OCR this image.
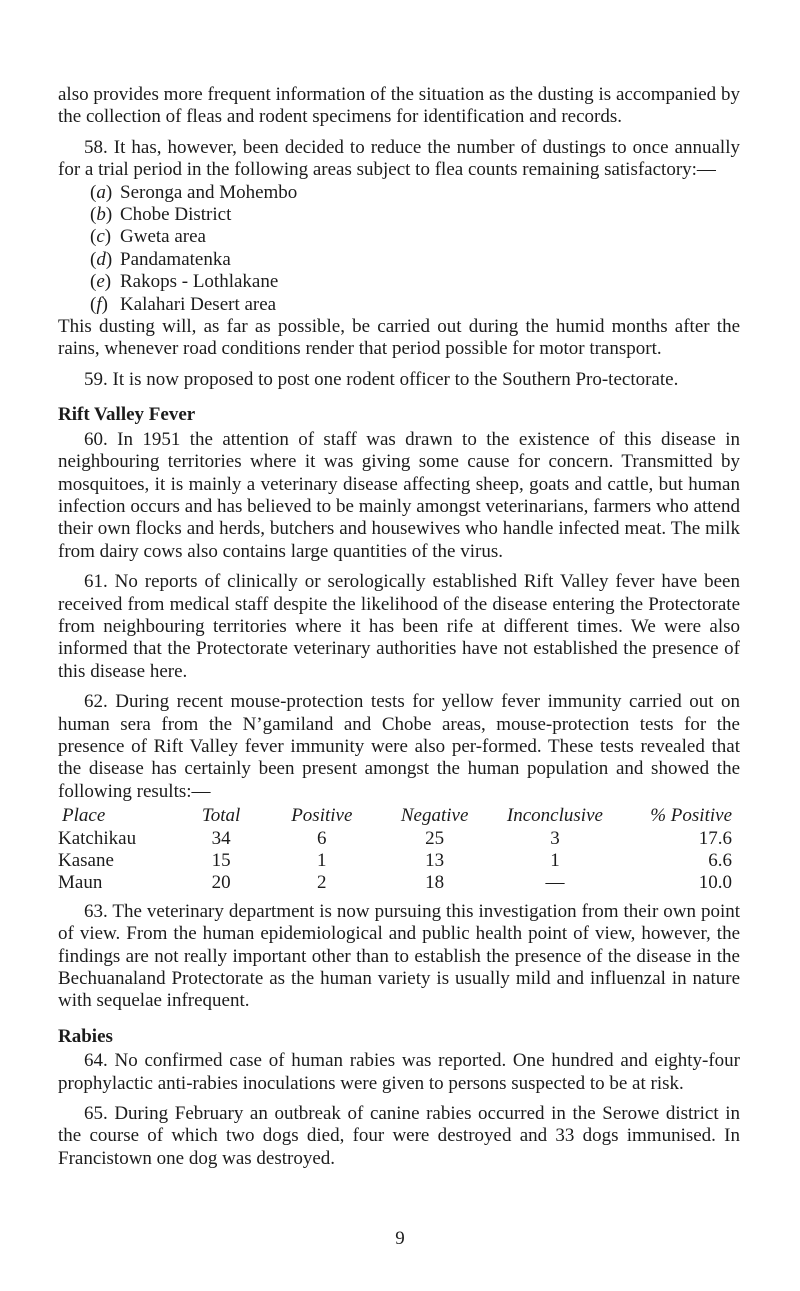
also provides more frequent information of the situation as the dusting is accompanied by the collection of fleas and rodent specimens for identification and records.

58. It has, however, been decided to reduce the number of dustings to once annually for a trial period in the following areas subject to flea counts remaining satisfactory:—

(a) Seronga and Mohembo
(b) Chobe District
(c) Gweta area
(d) Pandamatenka
(e) Rakops - Lothlakane
(f) Kalahari Desert area

This dusting will, as far as possible, be carried out during the humid months after the rains, whenever road conditions render that period possible for motor transport.

59. It is now proposed to post one rodent officer to the Southern Pro-tectorate.

Rift Valley Fever

60. In 1951 the attention of staff was drawn to the existence of this disease in neighbouring territories where it was giving some cause for concern. Transmitted by mosquitoes, it is mainly a veterinary disease affecting sheep, goats and cattle, but human infection occurs and has believed to be mainly amongst veterinarians, farmers who attend their own flocks and herds, butchers and housewives who handle infected meat. The milk from dairy cows also contains large quantities of the virus.

61. No reports of clinically or serologically established Rift Valley fever have been received from medical staff despite the likelihood of the disease entering the Protectorate from neighbouring territories where it has been rife at different times. We were also informed that the Protectorate veterinary authorities have not established the presence of this disease here.

62. During recent mouse-protection tests for yellow fever immunity carried out on human sera from the N’gamiland and Chobe areas, mouse-protection tests for the presence of Rift Valley fever immunity were also per-formed. These tests revealed that the disease has certainly been present amongst the human population and showed the following results:—

Place	Total	Positive	Negative	Inconclusive	% Positive
Katchikau	34	6	25	3	17.6
Kasane	15	1	13	1	6.6
Maun	20	2	18	—	10.0

63. The veterinary department is now pursuing this investigation from their own point of view. From the human epidemiological and public health point of view, however, the findings are not really important other than to establish the presence of the disease in the Bechuanaland Protectorate as the human variety is usually mild and influenzal in nature with sequelae infrequent.

Rabies

64. No confirmed case of human rabies was reported. One hundred and eighty-four prophylactic anti-rabies inoculations were given to persons suspected to be at risk.

65. During February an outbreak of canine rabies occurred in the Serowe district in the course of which two dogs died, four were destroyed and 33 dogs immunised. In Francistown one dog was destroyed.

9
